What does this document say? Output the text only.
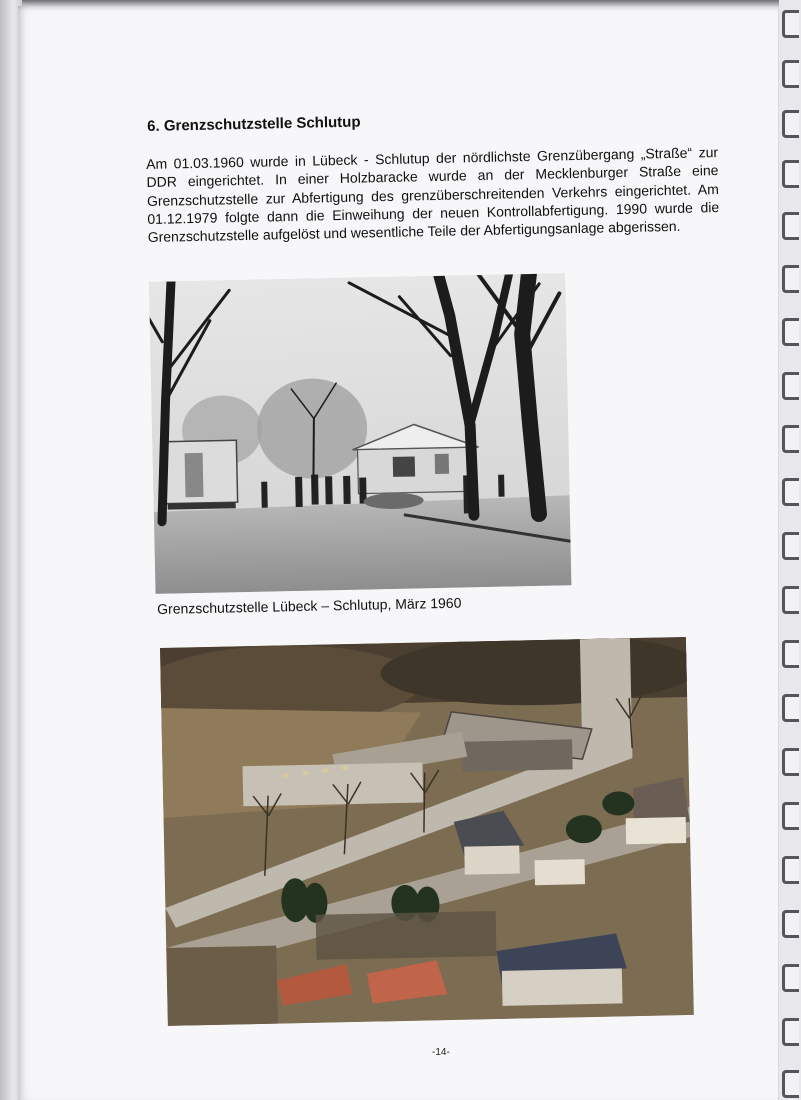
6. Grenzschutzstelle Schlutup
Am 01.03.1960 wurde in Lübeck - Schlutup der nördlichste Grenzübergang „Straße“ zur DDR eingerichtet. In einer Holzbaracke wurde an der Mecklenburger Straße eine Grenzschutzstelle zur Abfertigung des grenzüberschreitenden Verkehrs eingerichtet. Am 01.12.1979 folgte dann die Einweihung der neuen Kontrollabfertigung. 1990 wurde die Grenzschutzstelle aufgelöst und wesentliche Teile der Abfertigungsanlage abgerissen.
Grenzschutzstelle Lübeck – Schlutup, März 1960
-14-
